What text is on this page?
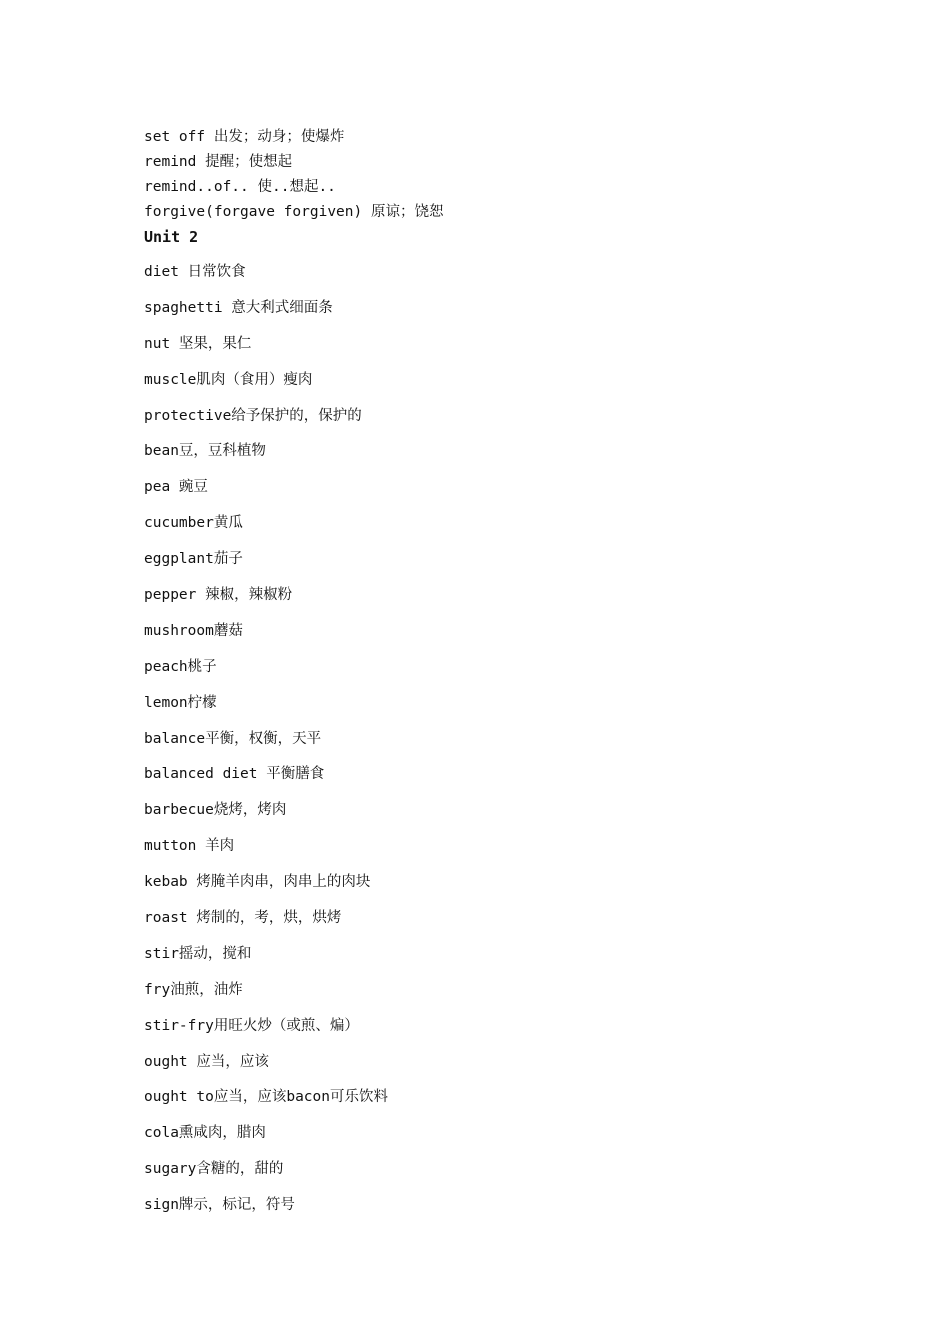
set off 出发；动身；使爆炸
remind 提醒；使想起
remind..of.. 使..想起..
forgive(forgave forgiven) 原谅；饶恕
Unit 2
diet 日常饮食
spaghetti 意大利式细面条
nut 坚果，果仁
muscle肌肉（食用）瘦肉
protective给予保护的，保护的
bean豆，豆科植物
pea 豌豆
cucumber黄瓜
eggplant茄子
pepper 辣椒，辣椒粉
mushroom蘑菇
peach桃子
lemon柠檬
balance平衡，权衡，天平
balanced diet 平衡膳食
barbecue烧烤，烤肉
mutton 羊肉
kebab 烤腌羊肉串，肉串上的肉块
roast 烤制的，考，烘，烘烤
stir摇动，搅和
fry油煎，油炸
stir-fry用旺火炒（或煎、煸）
ought 应当，应该
ought to应当，应该bacon可乐饮料
cola熏咸肉，腊肉
sugary含糖的，甜的
sign牌示，标记，符号
